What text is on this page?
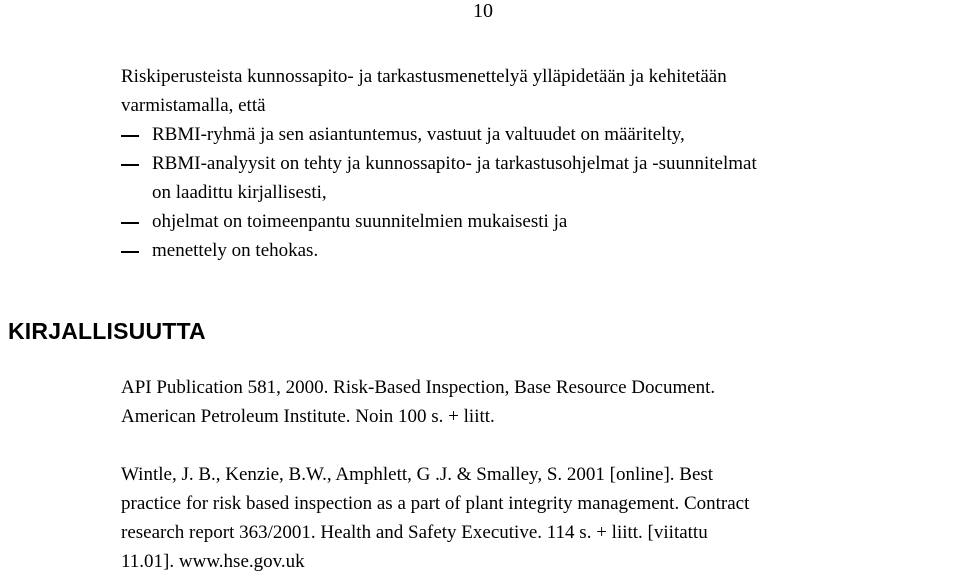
10
Riskiperusteista kunnossapito- ja tarkastusmenettelyä ylläpidetään ja kehitetään
varmistamalla, että
RBMI-ryhmä ja sen asiantuntemus, vastuut ja valtuudet on määritelty,
RBMI-analyysit on tehty ja kunnossapito- ja tarkastusohjelmat ja -suunnitelmat
on laadittu kirjallisesti,
ohjelmat on toimeenpantu suunnitelmien mukaisesti ja
menettely on tehokas.
KIRJALLISUUTTA

API Publication 581, 2000. Risk-Based Inspection, Base Resource Document.
American Petroleum Institute. Noin 100 s. + liitt.

Wintle, J. B., Kenzie, B.W., Amphlett, G .J. & Smalley, S. 2001 [online]. Best
practice for risk based inspection as a part of plant integrity management. Contract
research report 363/2001. Health and Safety Executive. 114 s. + liitt. [viitattu
11.01]. www.hse.gov.uk
